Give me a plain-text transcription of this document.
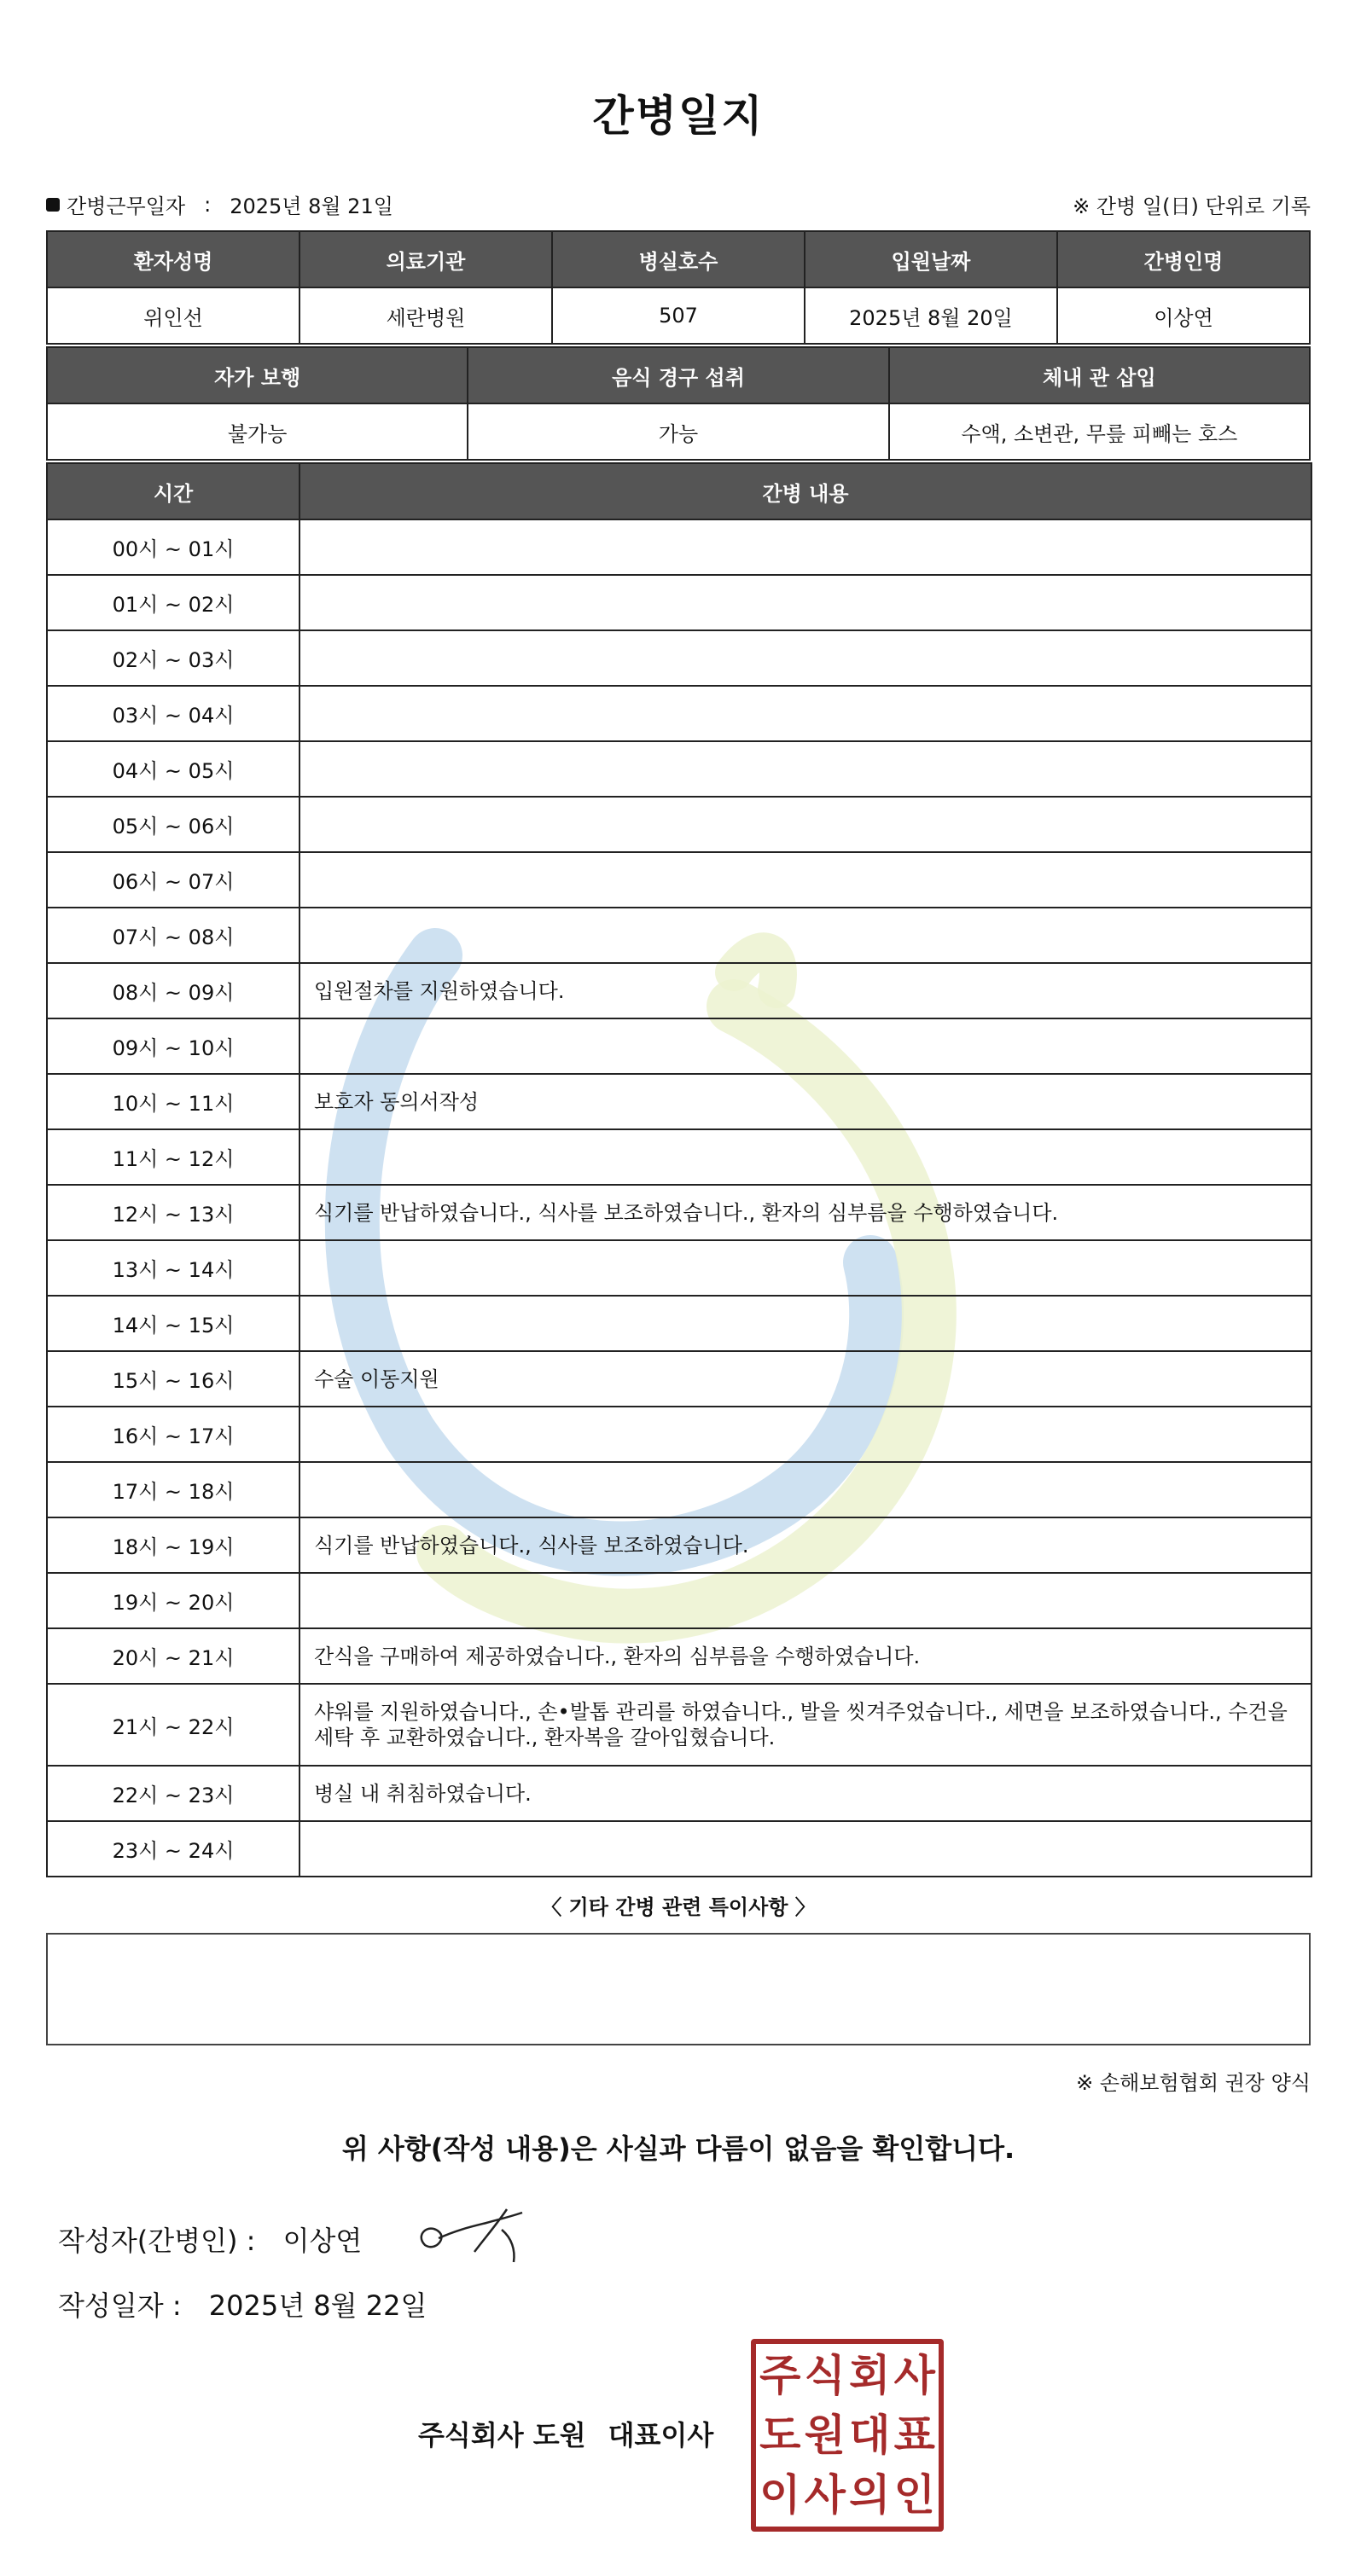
간병일지
간병근무일자 : 2025년 8월 21일	※ 간병 일(日) 단위로 기록
환자성명	의료기관	병실호수	입원날짜	간병인명
위인선	세란병원	507	2025년 8월 20일	이상연
자가 보행	음식 경구 섭취	체내 관 삽입
불가능	가능	수액, 소변관, 무릎 피빼는 호스
시간	간병 내용
00시 ~ 01시	
01시 ~ 02시	
02시 ~ 03시	
03시 ~ 04시	
04시 ~ 05시	
05시 ~ 06시	
06시 ~ 07시	
07시 ~ 08시	
08시 ~ 09시	입원절차를 지원하였습니다.
09시 ~ 10시	
10시 ~ 11시	보호자 동의서작성
11시 ~ 12시	
12시 ~ 13시	식기를 반납하였습니다., 식사를 보조하였습니다., 환자의 심부름을 수행하였습니다.
13시 ~ 14시	
14시 ~ 15시	
15시 ~ 16시	수술 이동지원
16시 ~ 17시	
17시 ~ 18시	
18시 ~ 19시	식기를 반납하였습니다., 식사를 보조하였습니다.
19시 ~ 20시	
20시 ~ 21시	간식을 구매하여 제공하였습니다., 환자의 심부름을 수행하였습니다.
21시 ~ 22시	샤워를 지원하였습니다., 손•발톱 관리를 하였습니다., 발을 씻겨주었습니다., 세면을 보조하였습니다., 수건을 세탁 후 교환하였습니다., 환자복을 갈아입혔습니다.
22시 ~ 23시	병실 내 취침하였습니다.
23시 ~ 24시	
〈 기타 간병 관련 특이사항 〉
※ 손해보험협회 권장 양식
위 사항(작성 내용)은 사실과 다름이 없음을 확인합니다.
작성자(간병인) : 이상연
작성일자 : 2025년 8월 22일
주식회사 도원 대표이사
주 식 회 사
도 원 대 표
이 사 의 인
